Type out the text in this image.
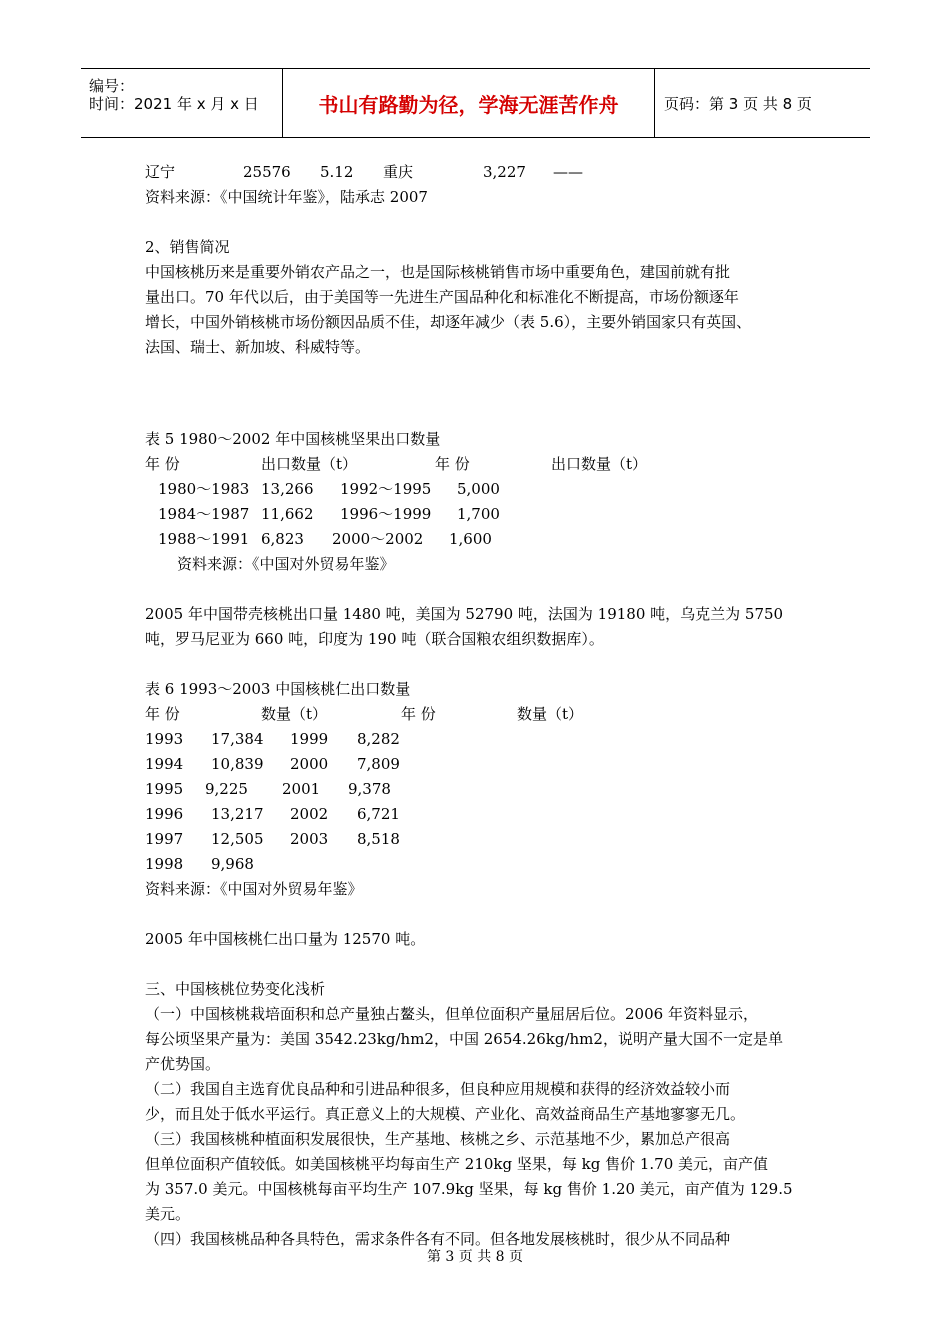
编号：
时间：2021 年 x 月 x 日	书山有路勤为径，学海无涯苦作舟	页码：第 3 页 共 8 页
辽宁	25576 5.12 重庆	3,227 ——

资料来源：《中国统计年鉴》，陆承志 2007

2、销售简况

中国核桃历来是重要外销农产品之一，也是国际核桃销售市场中重要角色，建国前就有批

量出口。70 年代以后，由于美国等一先进生产国品种化和标准化不断提高，市场份额逐年

增长，中国外销核桃市场份额因品质不佳，却逐年减少（表 5.6），主要外销国家只有英国、

法国、瑞士、新加坡、科威特等。

表 5 1980～2002 年中国核桃坚果出口数量

年 份	出口数量（t）	年 份	出口数量（t）
1980～1983 13,266 1992～1995 5,000
1984～1987 11,662 1996～1999 1,700
1988～1991 6,823 2000～2002 1,600
资料来源：《中国对外贸易年鉴》

2005 年中国带壳核桃出口量 1480 吨，美国为 52790 吨，法国为 19180 吨，乌克兰为 5750

吨，罗马尼亚为 660 吨，印度为 190 吨（联合国粮农组织数据库）。

表 6 1993～2003 中国核桃仁出口数量

年 份	数量（t）	年 份	数量（t）
1993 17,384 1999 8,282
1994 10,839 2000 7,809
1995 9,225 2001 9,378
1996 13,217 2002 6,721
1997 12,505 2003 8,518
1998 9,968

资料来源：《中国对外贸易年鉴》

2005 年中国核桃仁出口量为 12570 吨。

三、中国核桃位势变化浅析

（一）中国核桃栽培面积和总产量独占鳌头，但单位面积产量屈居后位。2006 年资料显示，

每公顷坚果产量为：美国 3542.23kg/hm2，中国 2654.26kg/hm2，说明产量大国不一定是单

产优势国。

（二）我国自主选育优良品种和引进品种很多，但良种应用规模和获得的经济效益较小而

少，而且处于低水平运行。真正意义上的大规模、产业化、高效益商品生产基地寥寥无几。

（三）我国核桃种植面积发展很快，生产基地、核桃之乡、示范基地不少，累加总产很高

但单位面积产值较低。如美国核桃平均每亩生产 210kg 坚果，每 kg 售价 1.70 美元，亩产值

为 357.0 美元。中国核桃每亩平均生产 107.9kg 坚果，每 kg 售价 1.20 美元，亩产值为 129.5

美元。

（四）我国核桃品种各具特色，需求条件各有不同。但各地发展核桃时，很少从不同品种

第 3 页 共 8 页
